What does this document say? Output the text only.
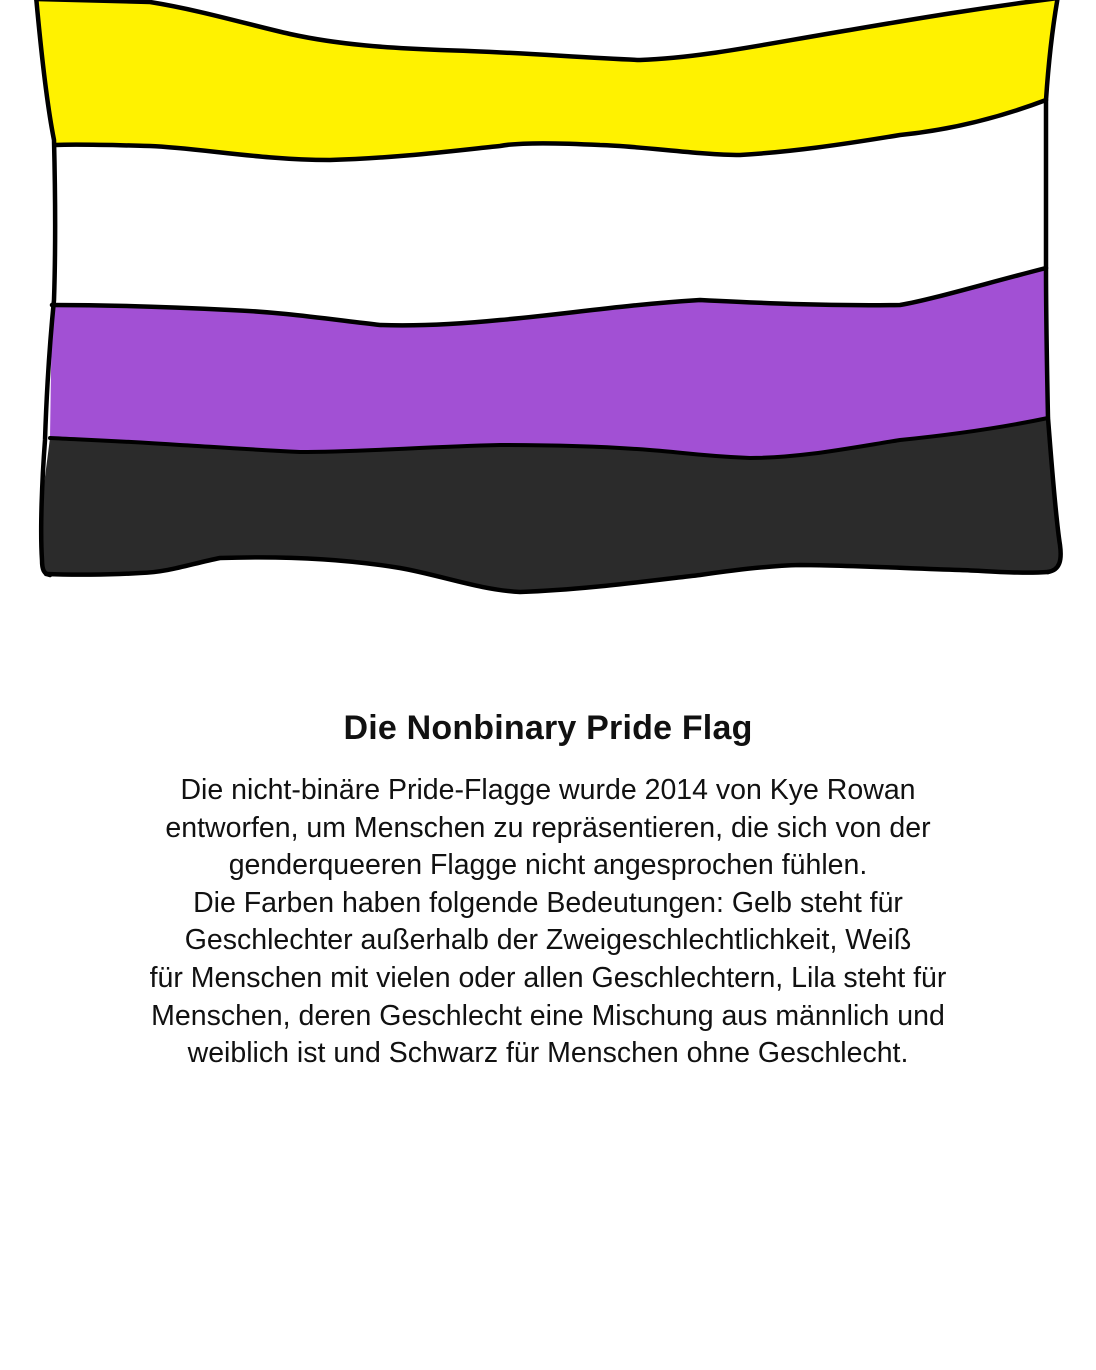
Die Nonbinary Pride Flag

Die nicht-binäre Pride-Flagge wurde 2014 von Kye Rowan
entworfen, um Menschen zu repräsentieren, die sich von der
genderqueeren Flagge nicht angesprochen fühlen.
Die Farben haben folgende Bedeutungen: Gelb steht für
Geschlechter außerhalb der Zweigeschlechtlichkeit, Weiß
für Menschen mit vielen oder allen Geschlechtern, Lila steht für
Menschen, deren Geschlecht eine Mischung aus männlich und
weiblich ist und Schwarz für Menschen ohne Geschlecht.
